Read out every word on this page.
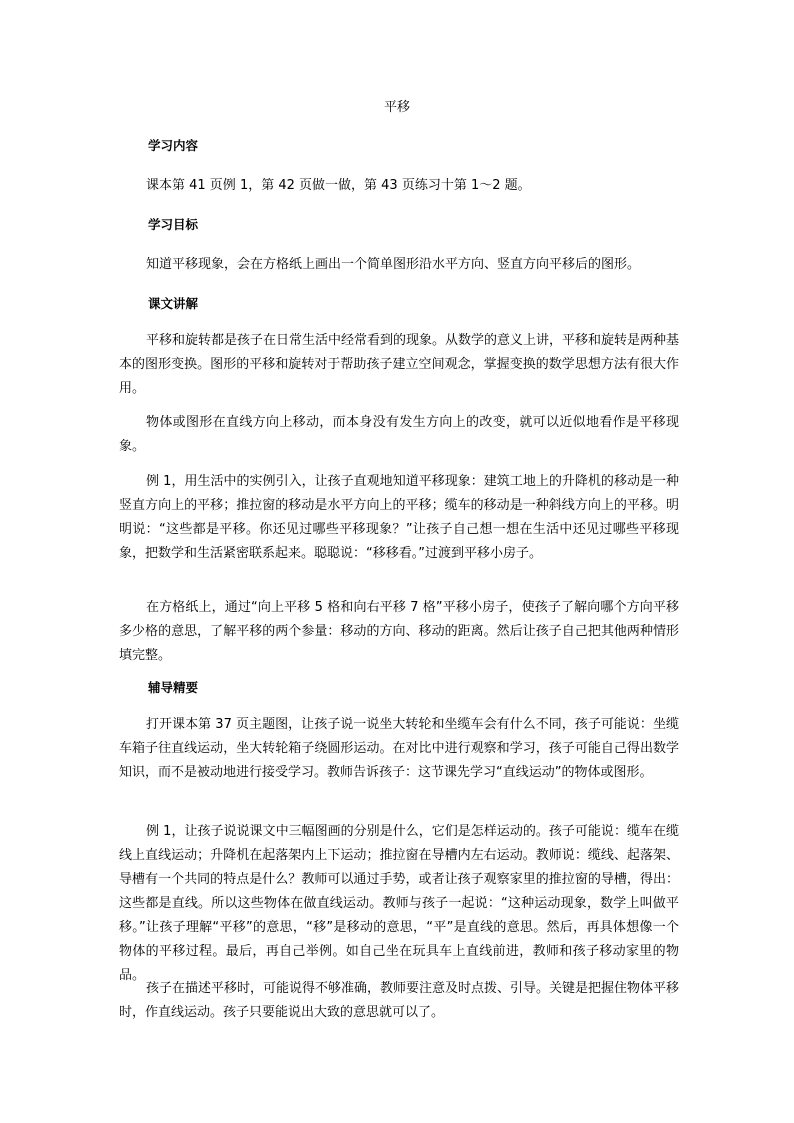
平移
学习内容
课本第 41 页例 1，第 42 页做一做，第 43 页练习十第 1～2 题。
学习目标
知道平移现象，会在方格纸上画出一个简单图形沿水平方向、竖直方向平移后的图形。
课文讲解
平移和旋转都是孩子在日常生活中经常看到的现象。从数学的意义上讲，平移和旋转是两种基本的图形变换。图形的平移和旋转对于帮助孩子建立空间观念，掌握变换的数学思想方法有很大作用。
物体或图形在直线方向上移动，而本身没有发生方向上的改变，就可以近似地看作是平移现象。
例 1，用生活中的实例引入，让孩子直观地知道平移现象：建筑工地上的升降机的移动是一种竖直方向上的平移；推拉窗的移动是水平方向上的平移；缆车的移动是一种斜线方向上的平移。明明说：“这些都是平移。你还见过哪些平移现象？”让孩子自己想一想在生活中还见过哪些平移现象，把数学和生活紧密联系起来。聪聪说：“移移看。”过渡到平移小房子。
在方格纸上，通过“向上平移 5 格和向右平移 7 格”平移小房子，使孩子了解向哪个方向平移多少格的意思，了解平移的两个参量：移动的方向、移动的距离。然后让孩子自己把其他两种情形填完整。
辅导精要
打开课本第 37 页主题图，让孩子说一说坐大转轮和坐缆车会有什么不同，孩子可能说：坐缆车箱子往直线运动，坐大转轮箱子绕圆形运动。在对比中进行观察和学习，孩子可能自己得出数学知识，而不是被动地进行接受学习。教师告诉孩子：这节课先学习“直线运动”的物体或图形。
例 1，让孩子说说课文中三幅图画的分别是什么，它们是怎样运动的。孩子可能说：缆车在缆线上直线运动；升降机在起落架内上下运动；推拉窗在导槽内左右运动。教师说：缆线、起落架、导槽有一个共同的特点是什么？教师可以通过手势，或者让孩子观察家里的推拉窗的导槽，得出：这些都是直线。所以这些物体在做直线运动。教师与孩子一起说：“这种运动现象，数学上叫做平移。”让孩子理解“平移”的意思，“移”是移动的意思，“平”是直线的意思。然后，再具体想像一个物体的平移过程。最后，再自己举例。如自己坐在玩具车上直线前进，教师和孩子移动家里的物品。
孩子在描述平移时，可能说得不够准确，教师要注意及时点拨、引导。关键是把握住物体平移时，作直线运动。孩子只要能说出大致的意思就可以了。
